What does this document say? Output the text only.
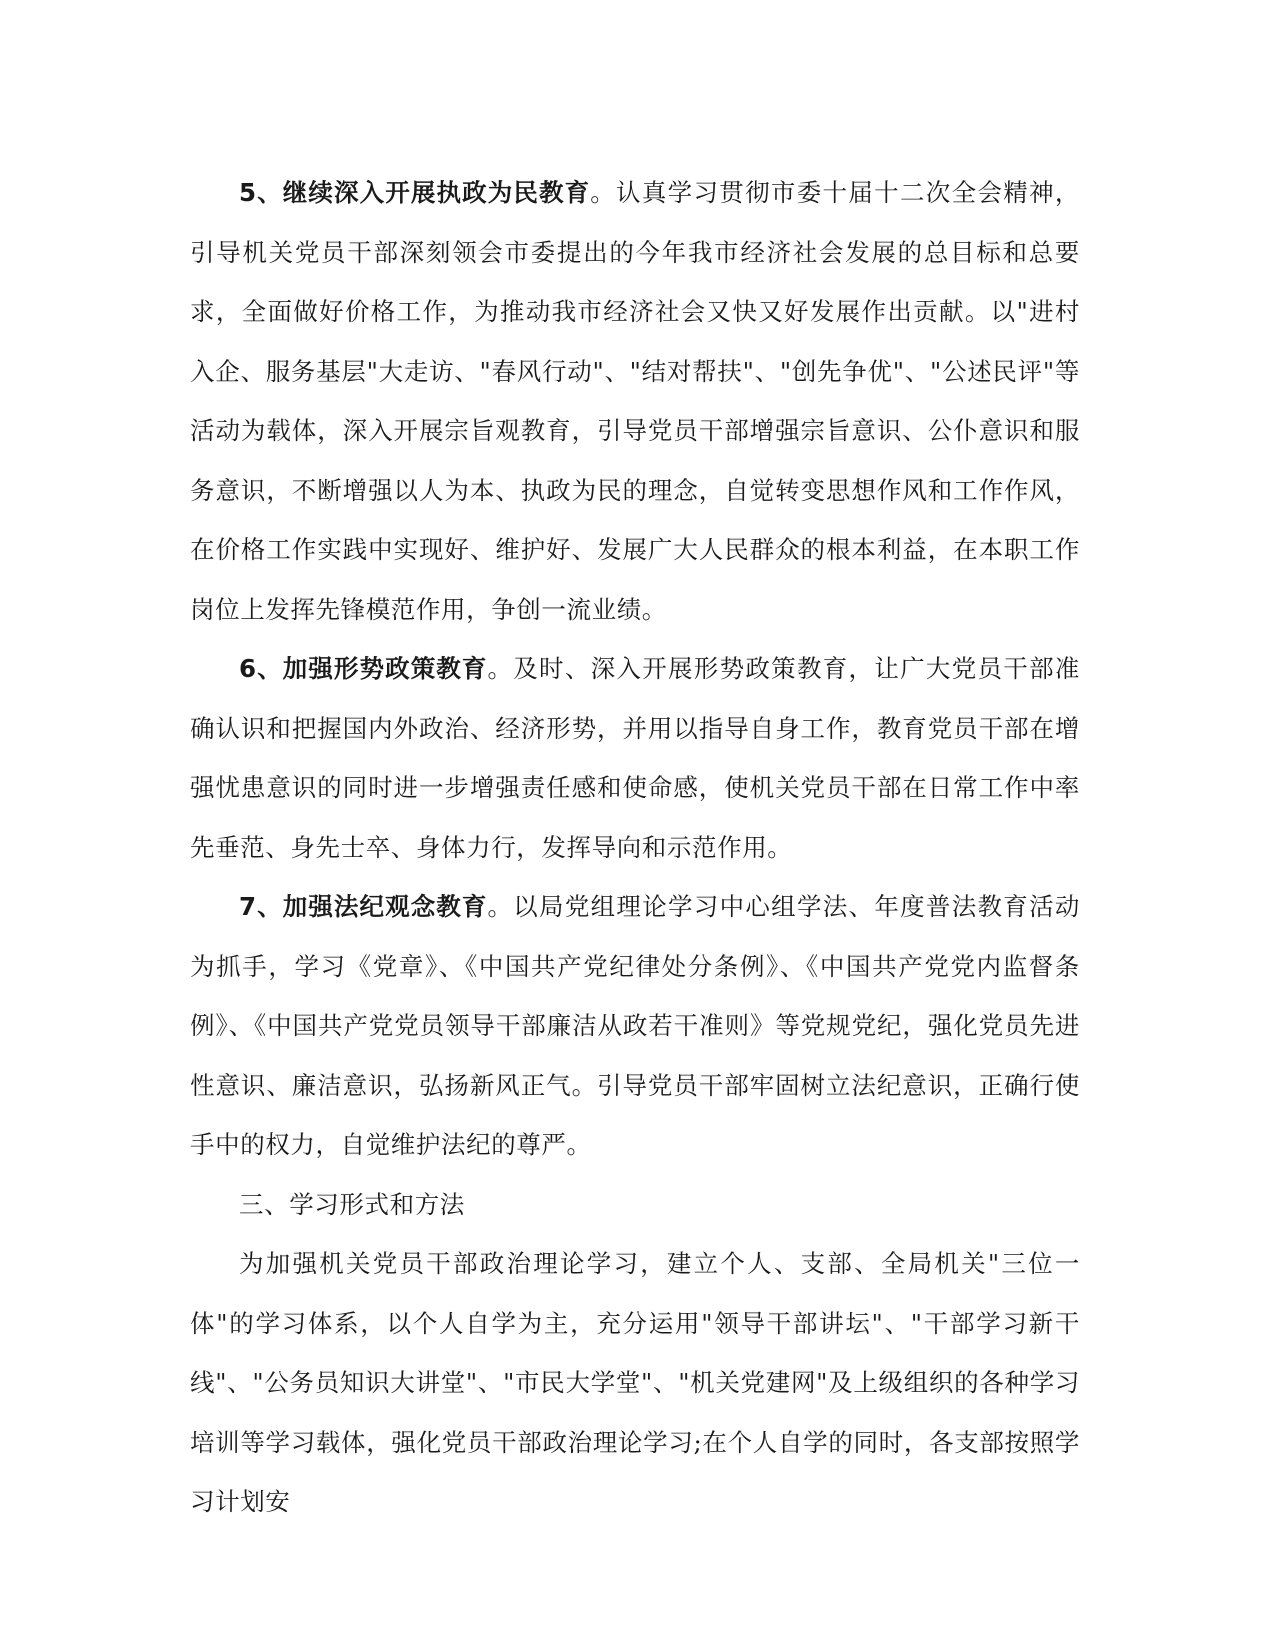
5、继续深入开展执政为民教育。认真学习贯彻市委十届十二次全会精神，引导机关党员干部深刻领会市委提出的今年我市经济社会发展的总目标和总要求，全面做好价格工作，为推动我市经济社会又快又好发展作出贡献。以"进村入企、服务基层"大走访、"春风行动"、"结对帮扶"、"创先争优"、"公述民评"等活动为载体，深入开展宗旨观教育，引导党员干部增强宗旨意识、公仆意识和服务意识，不断增强以人为本、执政为民的理念，自觉转变思想作风和工作作风，在价格工作实践中实现好、维护好、发展广大人民群众的根本利益，在本职工作岗位上发挥先锋模范作用，争创一流业绩。

6、加强形势政策教育。及时、深入开展形势政策教育，让广大党员干部准确认识和把握国内外政治、经济形势，并用以指导自身工作，教育党员干部在增强忧患意识的同时进一步增强责任感和使命感，使机关党员干部在日常工作中率先垂范、身先士卒、身体力行，发挥导向和示范作用。

7、加强法纪观念教育。以局党组理论学习中心组学法、年度普法教育活动为抓手，学习《党章》、《中国共产党纪律处分条例》、《中国共产党党内监督条例》、《中国共产党党员领导干部廉洁从政若干准则》等党规党纪，强化党员先进性意识、廉洁意识，弘扬新风正气。引导党员干部牢固树立法纪意识，正确行使手中的权力，自觉维护法纪的尊严。

三、学习形式和方法

为加强机关党员干部政治理论学习，建立个人、支部、全局机关"三位一体"的学习体系，以个人自学为主，充分运用"领导干部讲坛"、"干部学习新干线"、"公务员知识大讲堂"、"市民大学堂"、"机关党建网"及上级组织的各种学习培训等学习载体，强化党员干部政治理论学习;在个人自学的同时，各支部按照学习计划安
